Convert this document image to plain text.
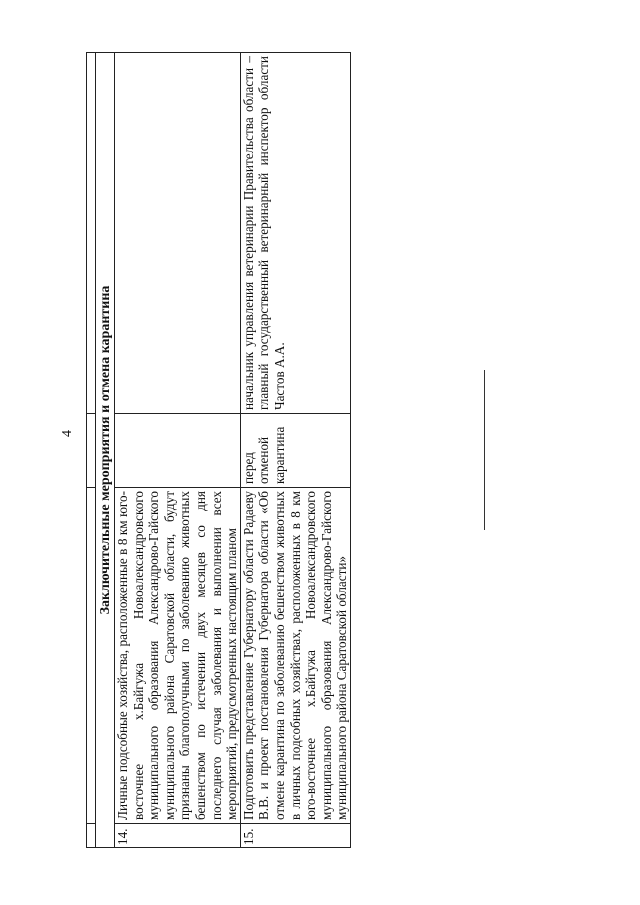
4
			Заключительные мероприятия и отмена карантина			
14.	Личные подсобные хозяйства, расположенные в 8 км юго-восточнее х.Байгужа Новоалександровского муниципального образования Александрово-Гайского муниципального района Саратовской области, будут признаны благополучными по заболеванию животных бешенством по истечении двух месяцев со дня последнего случая заболевания и выполнении всех мероприятий, предусмотренных настоящим планом		
15.	Подготовить представление Губернатору области Радаеву В.В. и проект постановления Губернатора области «Об отмене карантина по заболеванию бешенством животных в личных подсобных хозяйствах, расположенных в 8 км юго-восточнее х.Байгужа Новоалександровского муниципального образования Александрово-Гайского муниципального района Саратовской области»	перед отменой карантина	начальник управления ветеринарии Правительства области – главный государственный ветеринарный инспектор области Частов А.А.
